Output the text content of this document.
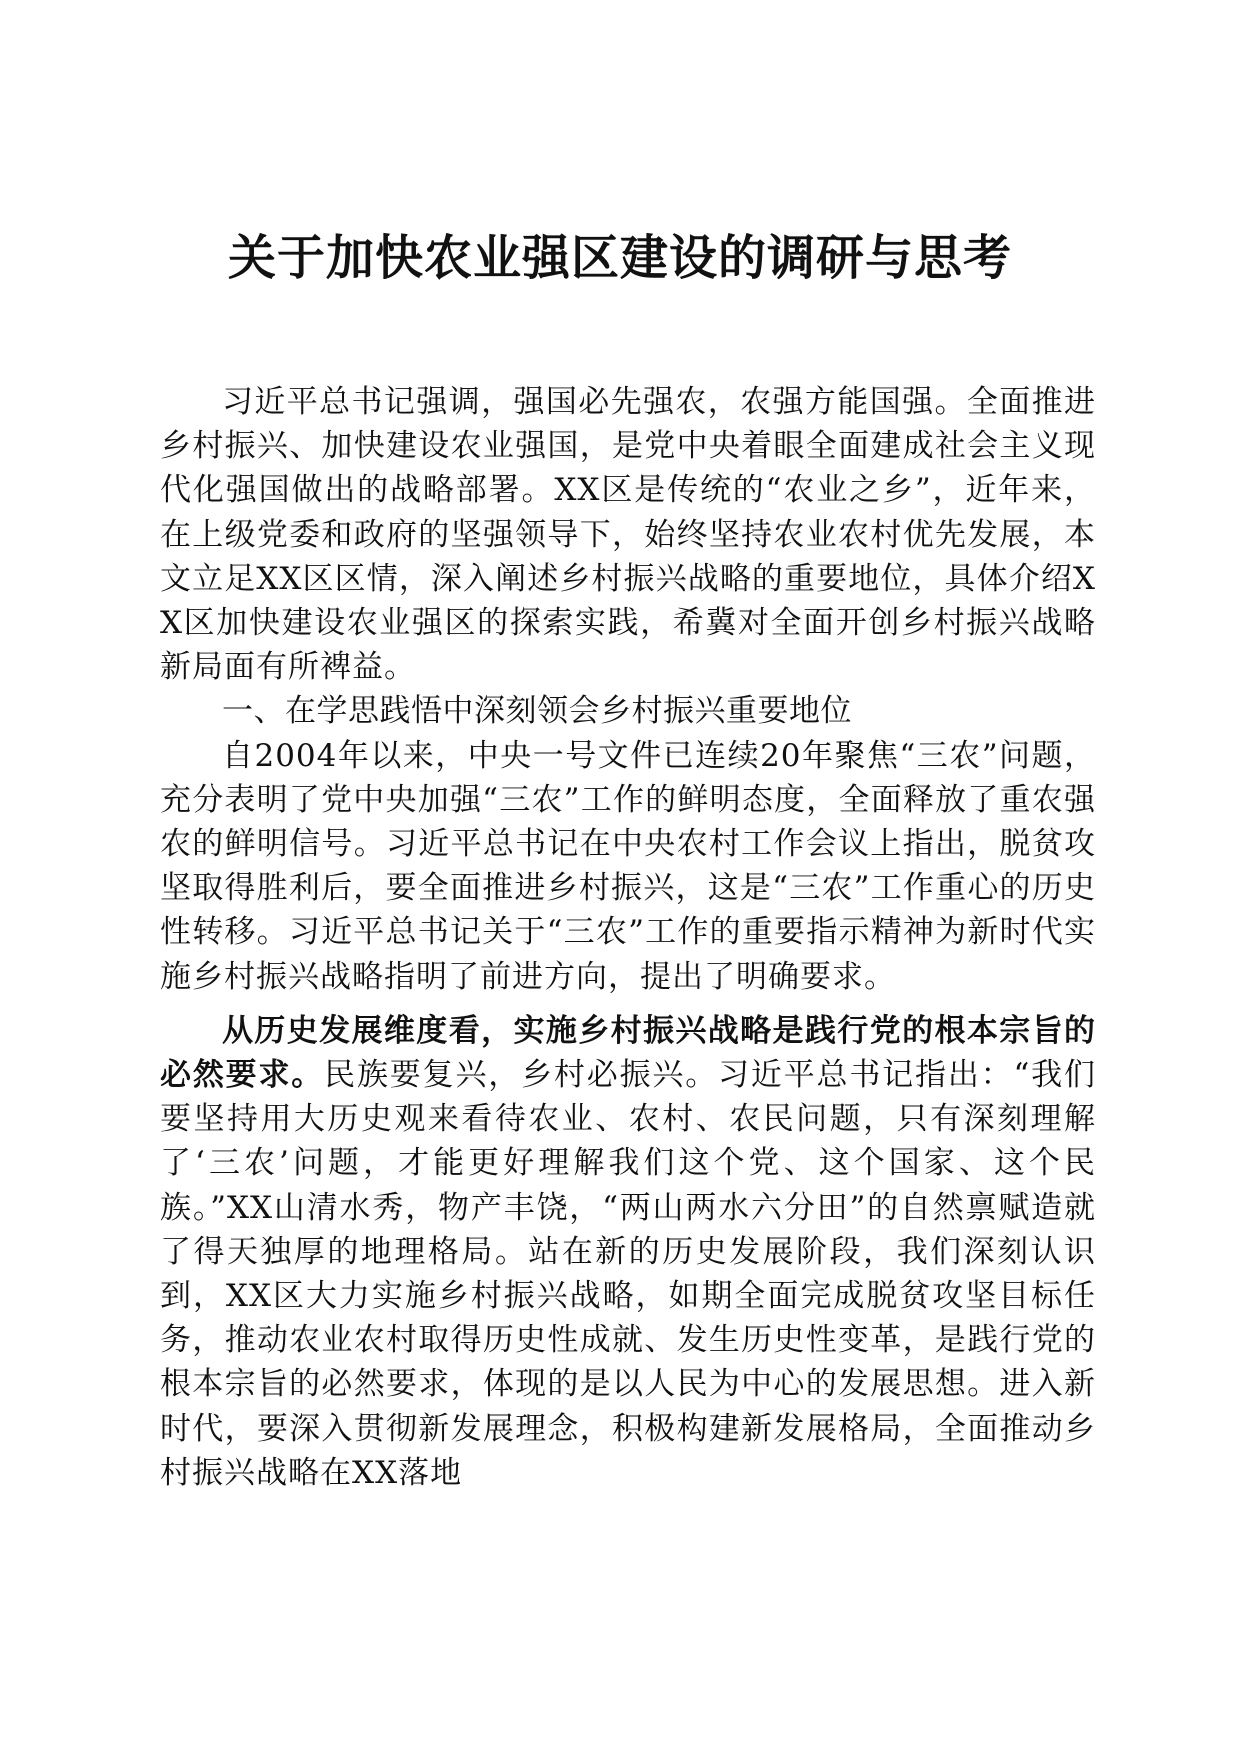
关于加快农业强区建设的调研与思考

习近平总书记强调，强国必先强农，农强方能国强。全面推进乡村振兴、加快建设农业强国，是党中央着眼全面建成社会主义现代化强国做出的战略部署。XX区是传统的“农业之乡”，近年来，在上级党委和政府的坚强领导下，始终坚持农业农村优先发展，本文立足XX区区情，深入阐述乡村振兴战略的重要地位，具体介绍XX区加快建设农业强区的探索实践，希冀对全面开创乡村振兴战略新局面有所裨益。

一、在学思践悟中深刻领会乡村振兴重要地位

自2004年以来，中央一号文件已连续20年聚焦“三农”问题，充分表明了党中央加强“三农”工作的鲜明态度，全面释放了重农强农的鲜明信号。习近平总书记在中央农村工作会议上指出，脱贫攻坚取得胜利后，要全面推进乡村振兴，这是“三农”工作重心的历史性转移。习近平总书记关于“三农”工作的重要指示精神为新时代实施乡村振兴战略指明了前进方向，提出了明确要求。

从历史发展维度看，实施乡村振兴战略是践行党的根本宗旨的必然要求。民族要复兴，乡村必振兴。习近平总书记指出：“我们要坚持用大历史观来看待农业、农村、农民问题，只有深刻理解了‘三农’问题，才能更好理解我们这个党、这个国家、这个民族。”XX山清水秀，物产丰饶，“两山两水六分田”的自然禀赋造就了得天独厚的地理格局。站在新的历史发展阶段，我们深刻认识到，XX区大力实施乡村振兴战略，如期全面完成脱贫攻坚目标任务，推动农业农村取得历史性成就、发生历史性变革，是践行党的根本宗旨的必然要求，体现的是以人民为中心的发展思想。进入新时代，要深入贯彻新发展理念，积极构建新发展格局，全面推动乡村振兴战略在XX落地
